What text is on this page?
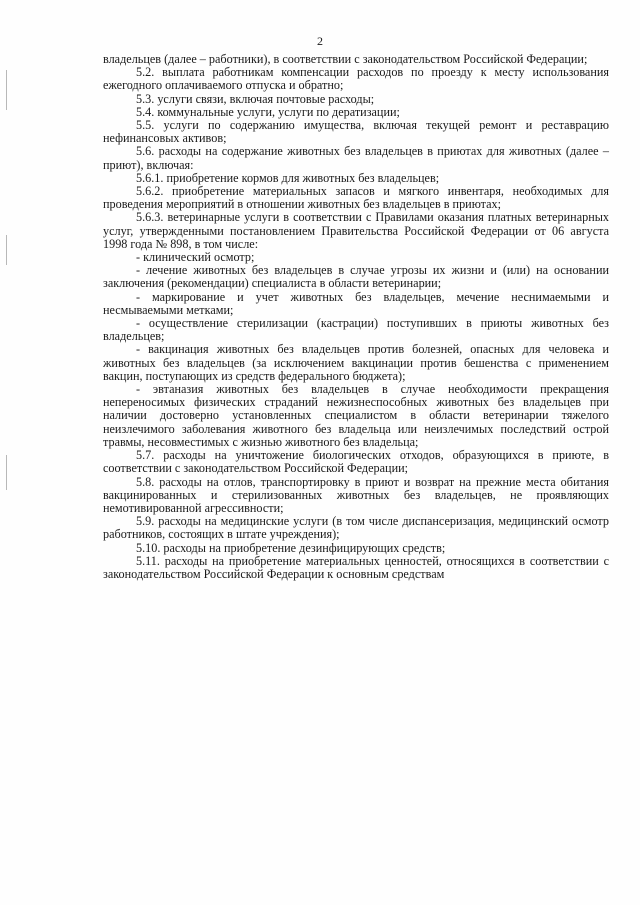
2

владельцев (далее – работники), в соответствии с законодательством Российской Федерации;

5.2. выплата работникам компенсации расходов по проезду к месту использования ежегодного оплачиваемого отпуска и обратно;

5.3. услуги связи, включая почтовые расходы;

5.4. коммунальные услуги, услуги по дератизации;

5.5. услуги по содержанию имущества, включая текущей ремонт и реставрацию нефинансовых активов;

5.6. расходы на содержание животных без владельцев в приютах для животных (далее – приют), включая:

5.6.1. приобретение кормов для животных без владельцев;

5.6.2. приобретение материальных запасов и мягкого инвентаря, необходимых для проведения мероприятий в отношении животных без владельцев в приютах;

5.6.3. ветеринарные услуги в соответствии с Правилами оказания платных ветеринарных услуг, утвержденными постановлением Правительства Российской Федерации от 06 августа 1998 года № 898, в том числе:

- клинический осмотр;

- лечение животных без владельцев в случае угрозы их жизни и (или) на основании заключения (рекомендации) специалиста в области ветеринарии;

- маркирование и учет животных без владельцев, мечение неснимаемыми и несмываемыми метками;

- осуществление стерилизации (кастрации) поступивших в приюты животных без владельцев;

- вакцинация животных без владельцев против болезней, опасных для человека и животных без владельцев (за исключением вакцинации против бешенства с применением вакцин, поступающих из средств федерального бюджета);

- эвтаназия животных без владельцев в случае необходимости прекращения непереносимых физических страданий нежизнеспособных животных без владельцев при наличии достоверно установленных специалистом в области ветеринарии тяжелого неизлечимого заболевания животного без владельца или неизлечимых последствий острой травмы, несовместимых с жизнью животного без владельца;

5.7. расходы на уничтожение биологических отходов, образующихся в приюте, в соответствии с законодательством Российской Федерации;

5.8. расходы на отлов, транспортировку в приют и возврат на прежние места обитания вакцинированных и стерилизованных животных без владельцев, не проявляющих немотивированной агрессивности;

5.9. расходы на медицинские услуги (в том числе диспансеризация, медицинский осмотр работников, состоящих в штате учреждения);

5.10. расходы на приобретение дезинфицирующих средств;

5.11. расходы на приобретение материальных ценностей, относящихся в соответствии с законодательством Российской Федерации к основным средствам
